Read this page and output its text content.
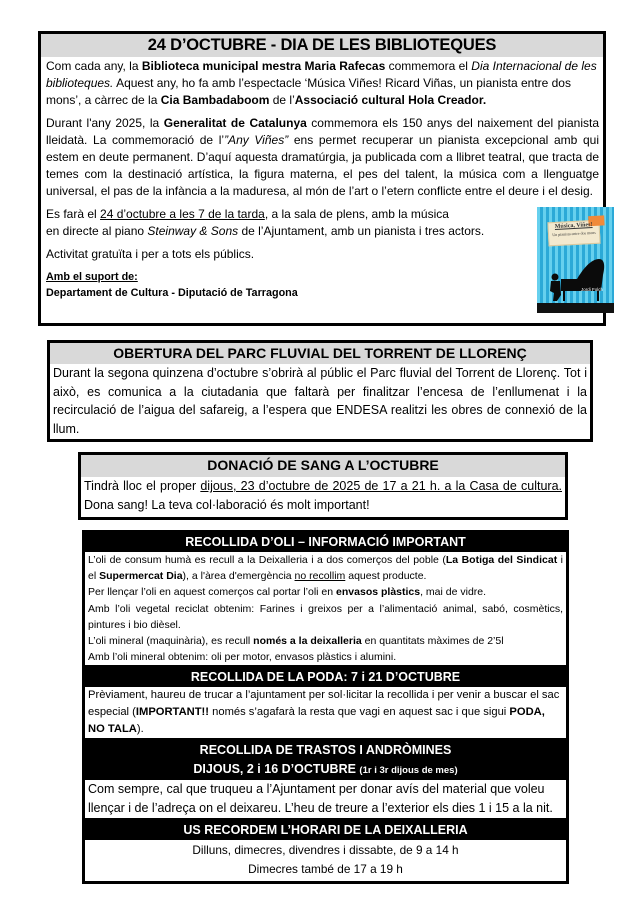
24 D’OCTUBRE - DIA DE LES BIBLIOTEQUES

Com cada any, la Biblioteca municipal mestra Maria Rafecas commemora el Dia Internacional de les biblioteques. Aquest any, ho fa amb l’espectacle ‘Música Viñes! Ricard Viñas, un pianista entre dos mons’, a càrrec de la Cia Bambadaboom de l’Associació cultural Hola Creador.

Durant l'any 2025, la Generalitat de Catalunya commemora els 150 anys del naixement del pianista lleidatà. La commemoració de l’”Any Viñes” ens permet recuperar un pianista excepcional amb qui estem en deute permanent. D’aquí aquesta dramatúrgia, ja publicada com a llibret teatral, que tracta de temes com la destinació artística, la figura materna, el pes del talent, la música com a llenguatge universal, el pas de la infància a la maduresa, al món de l’art o l’etern conflicte entre el deure i el desig.

Es farà el 24 d’octubre a les 7 de la tarda, a la sala de plens, amb la música
en directe al piano Steinway & Sons de l’Ajuntament, amb un pianista i tres actors.

Activitat gratuïta i per a tots els públics.

Amb el suport de:
Departament de Cultura - Diputació de Tarragona
Música, Viñes!
Un pianista entre dos mons
Jordi Folch
OBERTURA DEL PARC FLUVIAL DEL TORRENT DE LLORENÇ
Durant la segona quinzena d’octubre s’obrirà al públic el Parc fluvial del Torrent de Llorenç. Tot i això, es comunica a la ciutadania que faltarà per finalitzar l’encesa de l’enllumenat i la recirculació de l’aigua del safareig, a l’espera que ENDESA realitzi les obres de connexió de la llum.
DONACIÓ DE SANG A L’OCTUBRE
Tindrà lloc el proper dijous, 23 d’octubre de 2025 de 17 a 21 h. a la Casa de cultura. Dona sang! La teva col·laboració és molt important!
RECOLLIDA D’OLI – INFORMACIÓ IMPORTANT
L’oli de consum humà es recull a la Deixalleria i a dos comerços del poble (La Botiga del Sindicat i el Supermercat Dia), a l'àrea d'emergència no recollim aquest producte.
Per llençar l’oli en aquest comerços cal portar l’oli en envasos plàstics, mai de vidre.
Amb l’oli vegetal reciclat obtenim: Farines i greixos per a l’alimentació animal, sabó, cosmètics, pintures i bio dièsel.
L’oli mineral (maquinària), es recull només a la deixalleria en quantitats màximes de 2’5l
Amb l’oli mineral obtenim: oli per motor, envasos plàstics i alumini.
RECOLLIDA DE LA PODA: 7 i 21 D’OCTUBRE
Prèviament, haureu de trucar a l’ajuntament per sol·licitar la recollida i per venir a buscar el sac especial (IMPORTANT!! només s’agafarà la resta que vagi en aquest sac i que sigui PODA, NO TALA).
RECOLLIDA DE TRASTOS I ANDRÒMINES
DIJOUS, 2 i 16 D’OCTUBRE (1r i 3r dijous de mes)
Com sempre, cal que truqueu a l’Ajuntament per donar avís del material que voleu llençar i de l’adreça on el deixareu. L’heu de treure a l’exterior els dies 1 i 15 a la nit.
US RECORDEM L’HORARI DE LA DEIXALLERIA
Dilluns, dimecres, divendres i dissabte, de 9 a 14 h
Dimecres també de 17 a 19 h
